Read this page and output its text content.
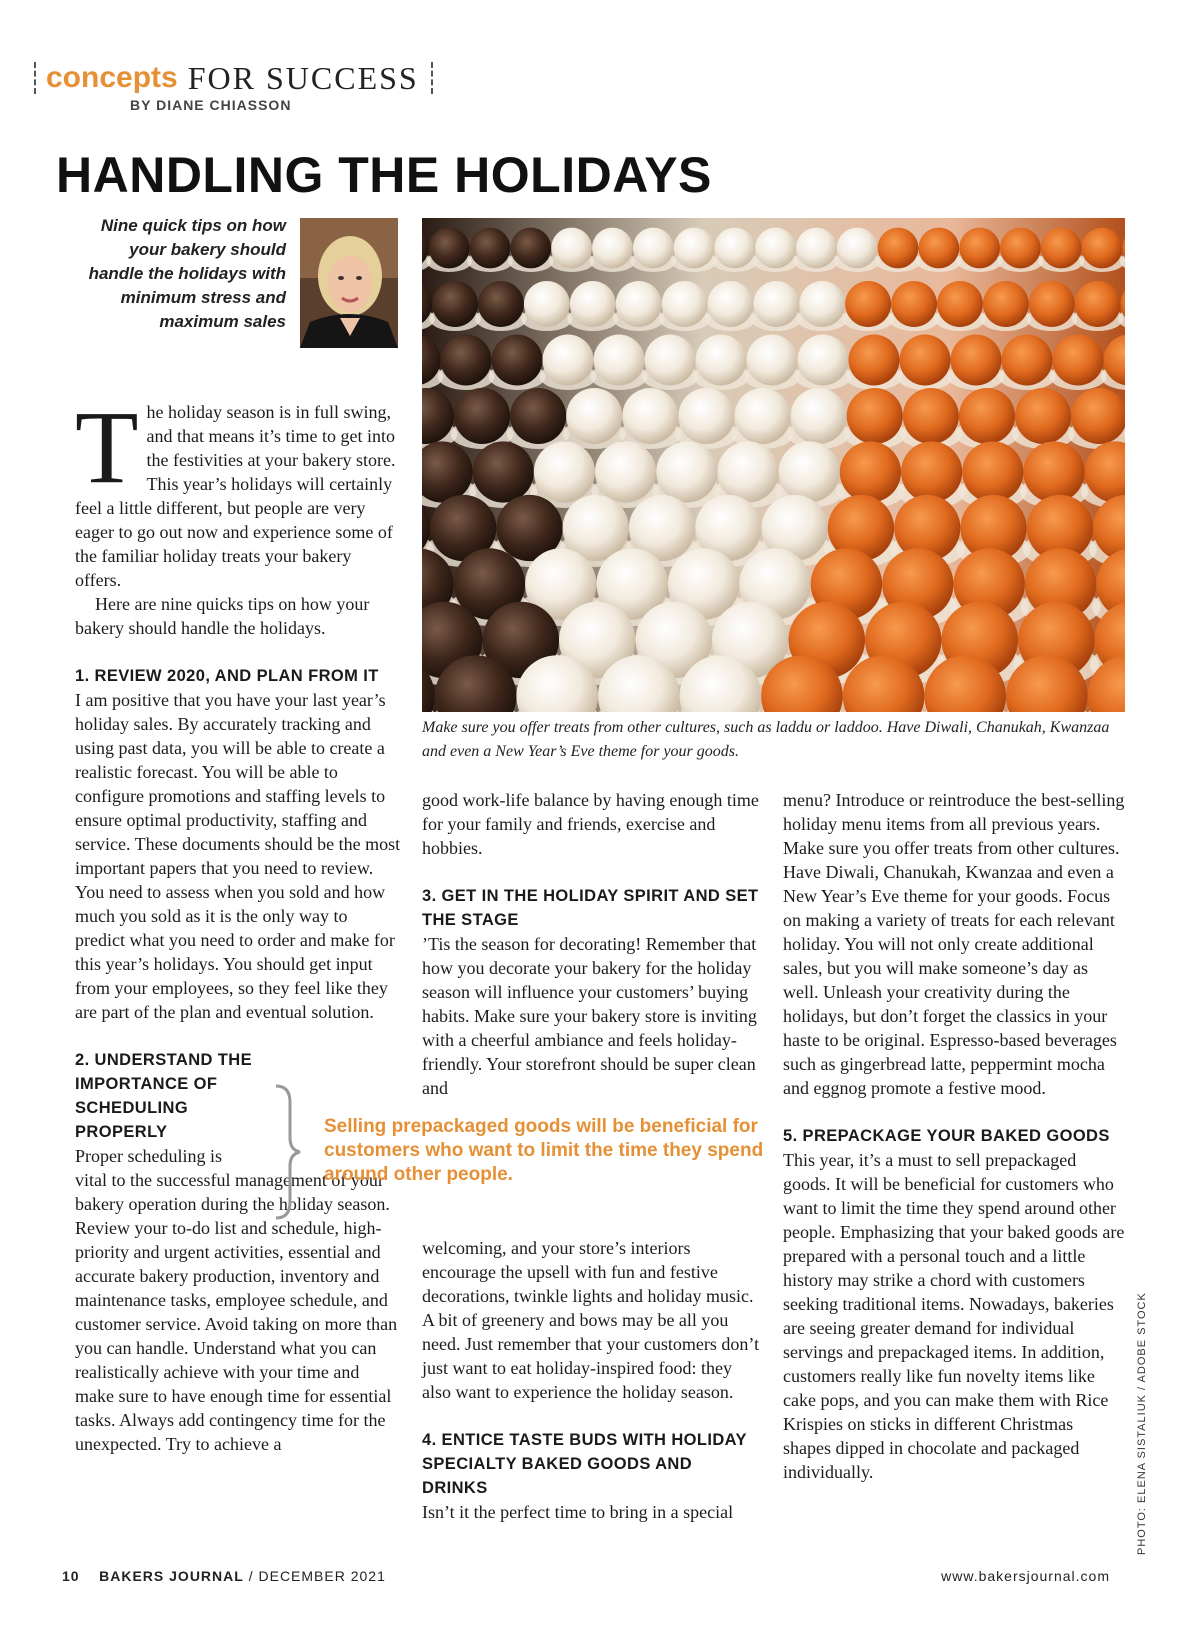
concepts FOR SUCCESS
BY DIANE CHIASSON
HANDLING THE HOLIDAYS
Nine quick tips on how your bakery should handle the holidays with minimum stress and maximum sales
Make sure you offer treats from other cultures, such as laddu or laddoo. Have Diwali, Chanukah, Kwanzaa and even a New Year’s Eve theme for your goods.
PHOTO: ELENA SISTALIUK / ADOBE STOCK

The holiday season is in full swing, and that means it’s time to get into the festivities at your bakery store. This year’s holidays will certainly feel a little different, but people are very eager to go out now and experience some of the familiar holiday treats your bakery offers.

Here are nine quicks tips on how your bakery should handle the holidays.

1. REVIEW 2020, AND PLAN FROM IT

I am positive that you have your last year’s holiday sales. By accurately tracking and using past data, you will be able to create a realistic forecast. You will be able to configure promotions and staffing levels to ensure optimal productivity, staffing and service. These documents should be the most important papers that you need to review. You need to assess when you sold and how much you sold as it is the only way to predict what you need to order and make for this year’s holidays. You should get input from your employees, so they feel like they are part of the plan and eventual solution.

2. UNDERSTAND THE IMPORTANCE OF SCHEDULING PROPERLY

Proper scheduling is

vital to the successful management of your bakery operation during the holiday season. Review your to-do list and schedule, high-priority and urgent activities, essential and accurate bakery production, inventory and maintenance tasks, employee schedule, and customer service. Avoid taking on more than you can handle. Understand what you can realistically achieve with your time and make sure to have enough time for essential tasks. Always add contingency time for the unexpected. Try to achieve a

Selling prepackaged goods will be beneficial for customers who want to limit the time they spend around other people.

good work-life balance by having enough time for your family and friends, exercise and hobbies.

3. GET IN THE HOLIDAY SPIRIT AND SET THE STAGE

’Tis the season for decorating! Remember that how you decorate your bakery for the holiday season will influence your customers’ buying habits. Make sure your bakery store is inviting with a cheerful ambiance and feels holiday-friendly. Your storefront should be super clean and

welcoming, and your store’s interiors encourage the upsell with fun and festive decorations, twinkle lights and holiday music. A bit of greenery and bows may be all you need. Just remember that your customers don’t just want to eat holiday-inspired food: they also want to experience the holiday season.

4. ENTICE TASTE BUDS WITH HOLIDAY SPECIALTY BAKED GOODS AND DRINKS

Isn’t it the perfect time to bring in a special

menu? Introduce or reintroduce the best-selling holiday menu items from all previous years. Make sure you offer treats from other cultures. Have Diwali, Chanukah, Kwanzaa and even a New Year’s Eve theme for your goods. Focus on making a variety of treats for each relevant holiday. You will not only create additional sales, but you will make someone’s day as well. Unleash your creativity during the holidays, but don’t forget the classics in your haste to be original. Espresso-based beverages such as gingerbread latte, peppermint mocha and eggnog promote a festive mood.

5. PREPACKAGE YOUR BAKED GOODS

This year, it’s a must to sell prepackaged goods. It will be beneficial for customers who want to limit the time they spend around other people. Emphasizing that your baked goods are prepared with a personal touch and a little history may strike a chord with customers seeking traditional items. Nowadays, bakeries are seeing greater demand for individual servings and prepackaged items. In addition, customers really like fun novelty items like cake pops, and you can make them with Rice Krispies on sticks in different Christmas shapes dipped in chocolate and packaged individually.

10 BAKERS JOURNAL / DECEMBER 2021	www.bakersjournal.com
